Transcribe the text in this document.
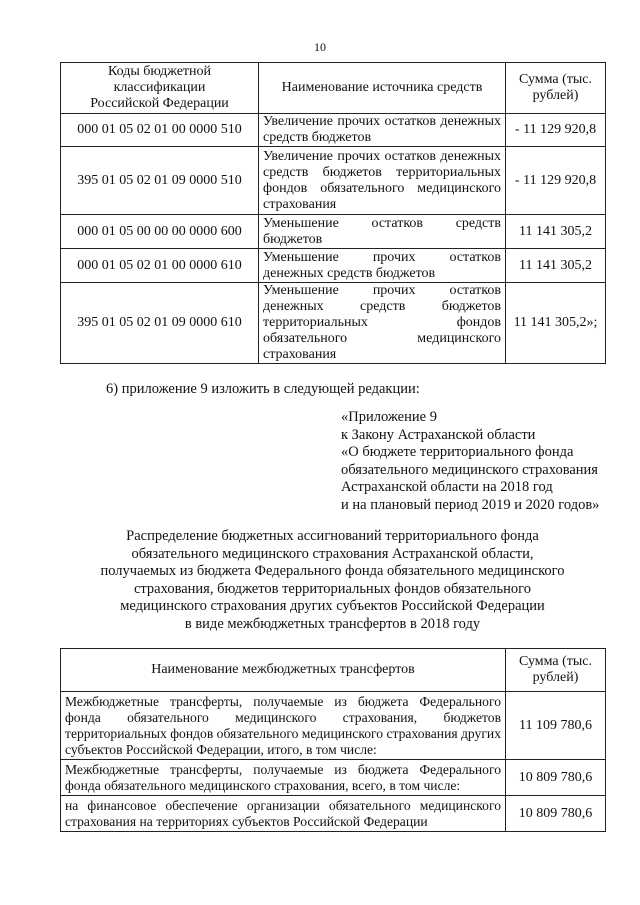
10
Коды бюджетной классификации Российской Федерации	Наименование источника средств	Сумма (тыс. рублей)

000 01 05 02 01 00 0000 510	Увеличение прочих остатков денежных средств бюджетов	- 11 129 920,8
395 01 05 02 01 09 0000 510	Увеличение прочих остатков денежных средств бюджетов территориальных фондов обязательного медицинского страхования	- 11 129 920,8
000 01 05 00 00 00 0000 600	Уменьшение остатков средств бюджетов	11 141 305,2
000 01 05 02 01 00 0000 610	Уменьшение прочих остатков денежных средств бюджетов	11 141 305,2
395 01 05 02 01 09 0000 610	Уменьшение прочих остатков денежных средств бюджетов территориальных фондов обязательного медицинского страхования	11 141 305,2»;
6) приложение 9 изложить в следующей редакции:
«Приложение 9
к Закону Астраханской области
«О бюджете территориального фонда
обязательного медицинского страхования
Астраханской области на 2018 год
и на плановый период 2019 и 2020 годов»
Распределение бюджетных ассигнований территориального фонда
обязательного медицинского страхования Астраханской области,
получаемых из бюджета Федерального фонда обязательного медицинского
страхования, бюджетов территориальных фондов обязательного
медицинского страхования других субъектов Российской Федерации
в виде межбюджетных трансфертов в 2018 году
Наименование межбюджетных трансфертов	Сумма (тыс. рублей)

Межбюджетные трансферты, получаемые из бюджета Федерального фонда обязательного медицинского страхования, бюджетов территориальных фондов обязательного медицинского страхования других субъектов Российской Федерации, итого, в том числе:	11 109 780,6
Межбюджетные трансферты, получаемые из бюджета Федерального фонда обязательного медицинского страхования, всего, в том числе:	10 809 780,6
на финансовое обеспечение организации обязательного медицинского страхования на территориях субъектов Российской Федерации	10 809 780,6
